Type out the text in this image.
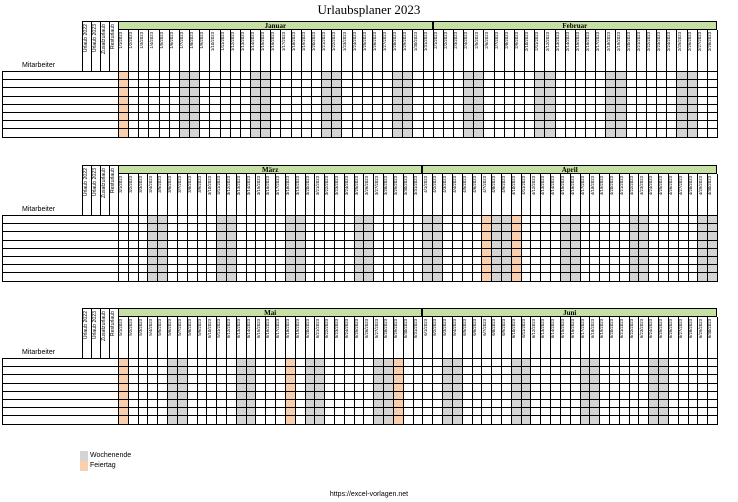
Urlaubsplaner 2023
Mitarbeiter
Urlaub 2022 Urlaub 2023 Zusatzurlaub Resturlaub	Januar
1/1/2023 1/2/2023 1/3/2023 1/4/2023 1/5/2023 1/6/2023 1/7/2023 1/8/2023 1/9/2023 1/10/2023 1/11/2023 1/12/2023 1/13/2023 1/14/2023 1/15/2023 1/16/2023 1/17/2023 1/18/2023 1/19/2023 1/20/2023 1/21/2023 1/22/2023 1/23/2023 1/24/2023 1/25/2023 1/26/2023 1/27/2023 1/28/2023 1/29/2023 1/30/2023 1/31/2023
Februar
2/1/2023 2/2/2023 2/3/2023 2/4/2023 2/5/2023 2/6/2023 2/7/2023 2/8/2023 2/9/2023 2/10/2023 2/11/2023 2/12/2023 2/13/2023 2/14/2023 2/15/2023 2/16/2023 2/17/2023 2/18/2023 2/19/2023 2/20/2023 2/21/2023 2/22/2023 2/23/2023 2/24/2023 2/25/2023 2/26/2023 2/27/2023 2/28/2023
Mitarbeiter
Urlaub 2022 Urlaub 2023 Zusatzurlaub Resturlaub	März
3/1/2023 3/2/2023 3/3/2023 3/4/2023 3/5/2023 3/6/2023 3/7/2023 3/8/2023 3/9/2023 3/10/2023 3/11/2023 3/12/2023 3/13/2023 3/14/2023 3/15/2023 3/16/2023 3/17/2023 3/18/2023 3/19/2023 3/20/2023 3/21/2023 3/22/2023 3/23/2023 3/24/2023 3/25/2023 3/26/2023 3/27/2023 3/28/2023 3/29/2023 3/30/2023 3/31/2023
April
4/1/2023 4/2/2023 4/3/2023 4/4/2023 4/5/2023 4/6/2023 4/7/2023 4/8/2023 4/9/2023 4/10/2023 4/11/2023 4/12/2023 4/13/2023 4/14/2023 4/15/2023 4/16/2023 4/17/2023 4/18/2023 4/19/2023 4/20/2023 4/21/2023 4/22/2023 4/23/2023 4/24/2023 4/25/2023 4/26/2023 4/27/2023 4/28/2023 4/29/2023 4/30/2023
Mitarbeiter
Urlaub 2022 Urlaub 2023 Zusatzurlaub Resturlaub	Mai
5/1/2023 5/2/2023 5/3/2023 5/4/2023 5/5/2023 5/6/2023 5/7/2023 5/8/2023 5/9/2023 5/10/2023 5/11/2023 5/12/2023 5/13/2023 5/14/2023 5/15/2023 5/16/2023 5/17/2023 5/18/2023 5/19/2023 5/20/2023 5/21/2023 5/22/2023 5/23/2023 5/24/2023 5/25/2023 5/26/2023 5/27/2023 5/28/2023 5/29/2023 5/30/2023 5/31/2023
Juni
6/1/2023 6/2/2023 6/3/2023 6/4/2023 6/5/2023 6/6/2023 6/7/2023 6/8/2023 6/9/2023 6/10/2023 6/11/2023 6/12/2023 6/13/2023 6/14/2023 6/15/2023 6/16/2023 6/17/2023 6/18/2023 6/19/2023 6/20/2023 6/21/2023 6/22/2023 6/23/2023 6/24/2023 6/25/2023 6/26/2023 6/27/2023 6/28/2023 6/29/2023 6/30/2023
Wochenende
Feiertag
https://excel-vorlagen.net
